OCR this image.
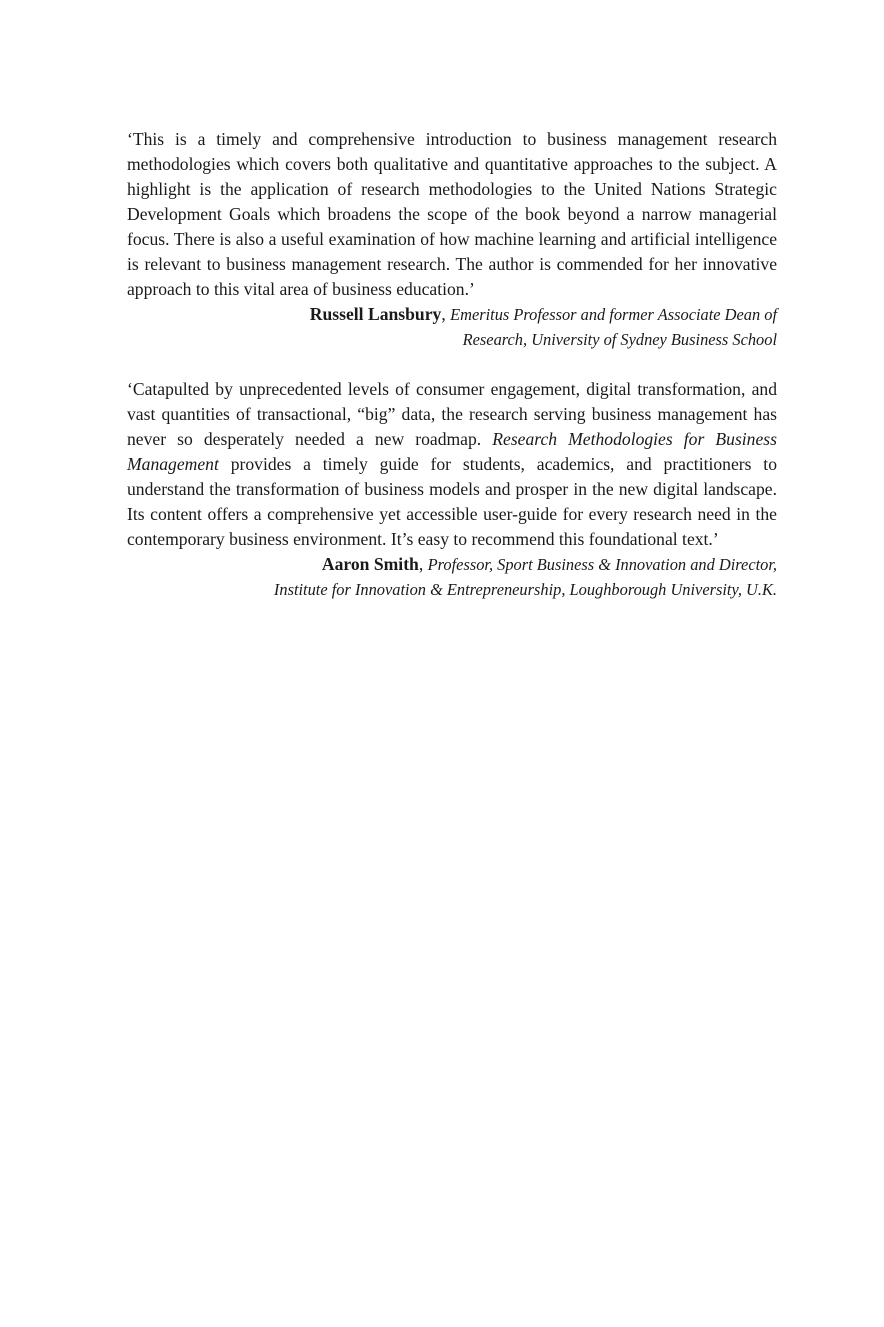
‘This is a timely and comprehensive introduction to business management research methodologies which covers both qualitative and quantitative approaches to the subject. A highlight is the application of research methodologies to the United Nations Strategic Development Goals which broadens the scope of the book beyond a narrow managerial focus. There is also a useful examination of how machine learning and artificial intelligence is relevant to business management research. The author is commended for her innovative approach to this vital area of business education.’

Russell Lansbury, Emeritus Professor and former Associate Dean of
Research, University of Sydney Business School

‘Catapulted by unprecedented levels of consumer engagement, digital transformation, and vast quantities of transactional, “big” data, the research serving business management has never so desperately needed a new roadmap. Research Methodologies for Business Management provides a timely guide for students, academics, and practitioners to understand the transformation of business models and prosper in the new digital landscape. Its content offers a comprehensive yet accessible user-guide for every research need in the contemporary business environment. It’s easy to recommend this foundational text.’

Aaron Smith, Professor, Sport Business & Innovation and Director,
Institute for Innovation & Entrepreneurship, Loughborough University, U.K.
